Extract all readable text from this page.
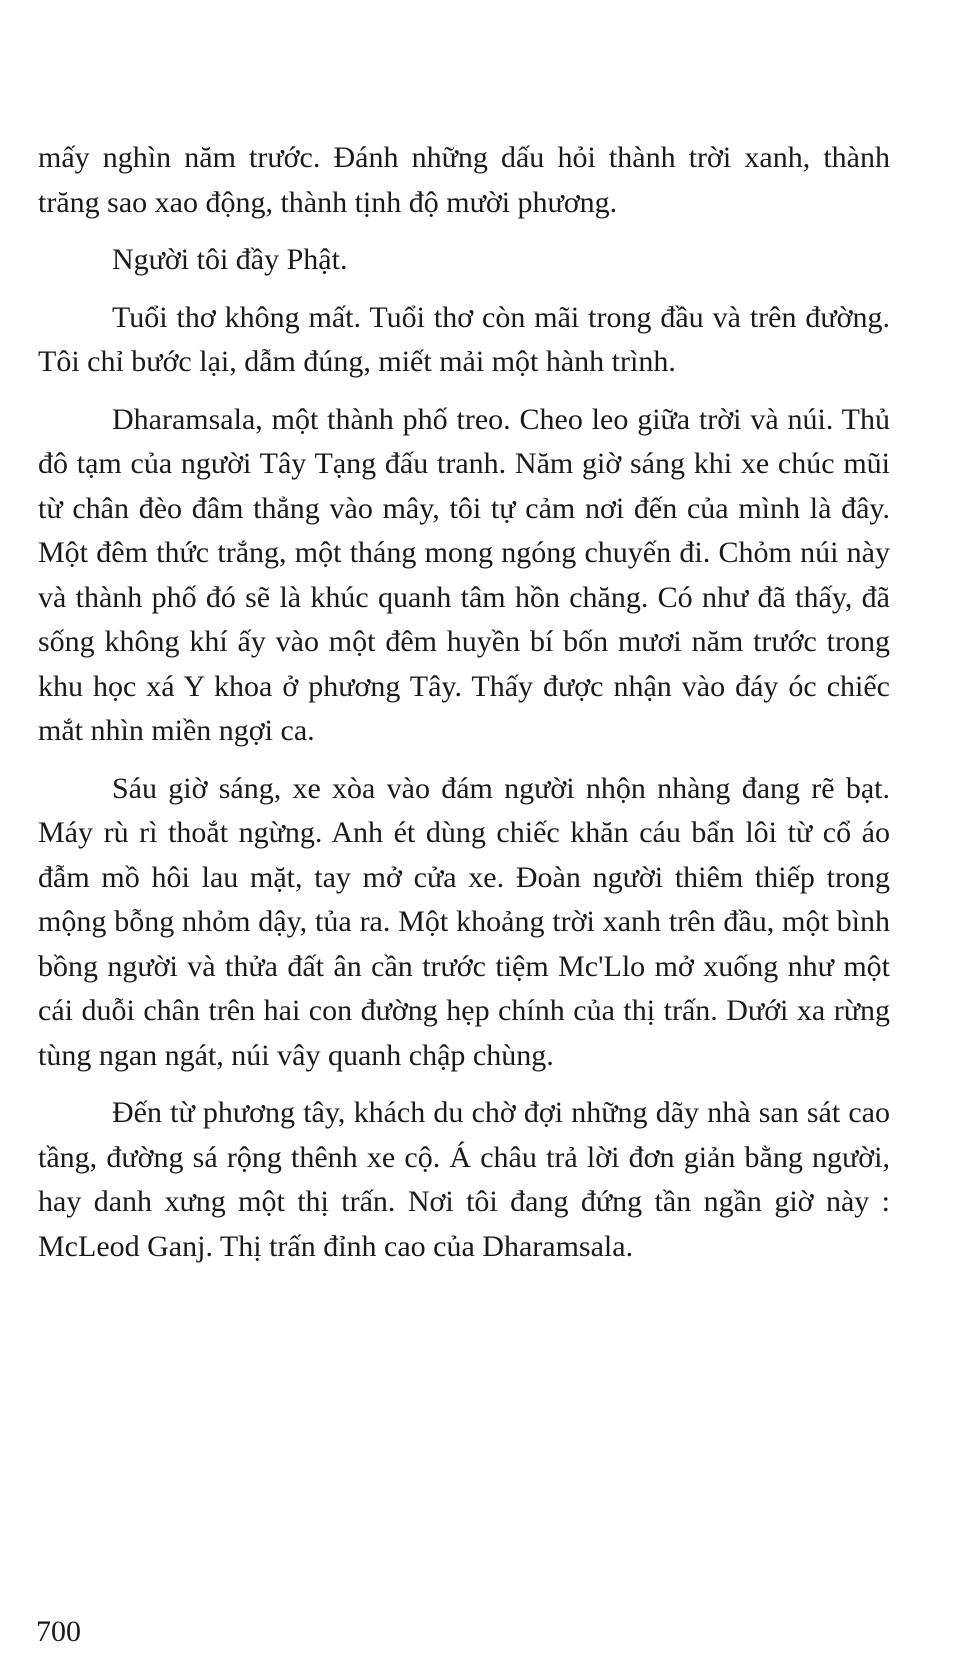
mấy nghìn năm trước. Đánh những dấu hỏi thành trời xanh, thành trăng sao xao động, thành tịnh độ mười phương.

Người tôi đầy Phật.

Tuổi thơ không mất. Tuổi thơ còn mãi trong đầu và trên đường. Tôi chỉ bước lại, dẫm đúng, miết mải một hành trình.

Dharamsala, một thành phố treo. Cheo leo giữa trời và núi. Thủ đô tạm của người Tây Tạng đấu tranh. Năm giờ sáng khi xe chúc mũi từ chân đèo đâm thẳng vào mây, tôi tự cảm nơi đến của mình là đây. Một đêm thức trắng, một tháng mong ngóng chuyến đi. Chỏm núi này và thành phố đó sẽ là khúc quanh tâm hồn chăng. Có như đã thấy, đã sống không khí ấy vào một đêm huyền bí bốn mươi năm trước trong khu học xá Y khoa ở phương Tây. Thấy được nhận vào đáy óc chiếc mắt nhìn miền ngợi ca.

Sáu giờ sáng, xe xòa vào đám người nhộn nhàng đang rẽ bạt. Máy rù rì thoắt ngừng. Anh ét dùng chiếc khăn cáu bẩn lôi từ cổ áo đẫm mồ hôi lau mặt, tay mở cửa xe. Đoàn người thiêm thiếp trong mộng bỗng nhỏm dậy, tủa ra. Một khoảng trời xanh trên đầu, một bình bồng người và thửa đất ân cần trước tiệm Mc'Llo mở xuống như một cái duỗi chân trên hai con đường hẹp chính của thị trấn. Dưới xa rừng tùng ngan ngát, núi vây quanh chập chùng.

Đến từ phương tây, khách du chờ đợi những dãy nhà san sát cao tầng, đường sá rộng thênh xe cộ. Á châu trả lời đơn giản bằng người, hay danh xưng một thị trấn. Nơi tôi đang đứng tần ngần giờ này : McLeod Ganj. Thị trấn đỉnh cao của Dharamsala.

700
